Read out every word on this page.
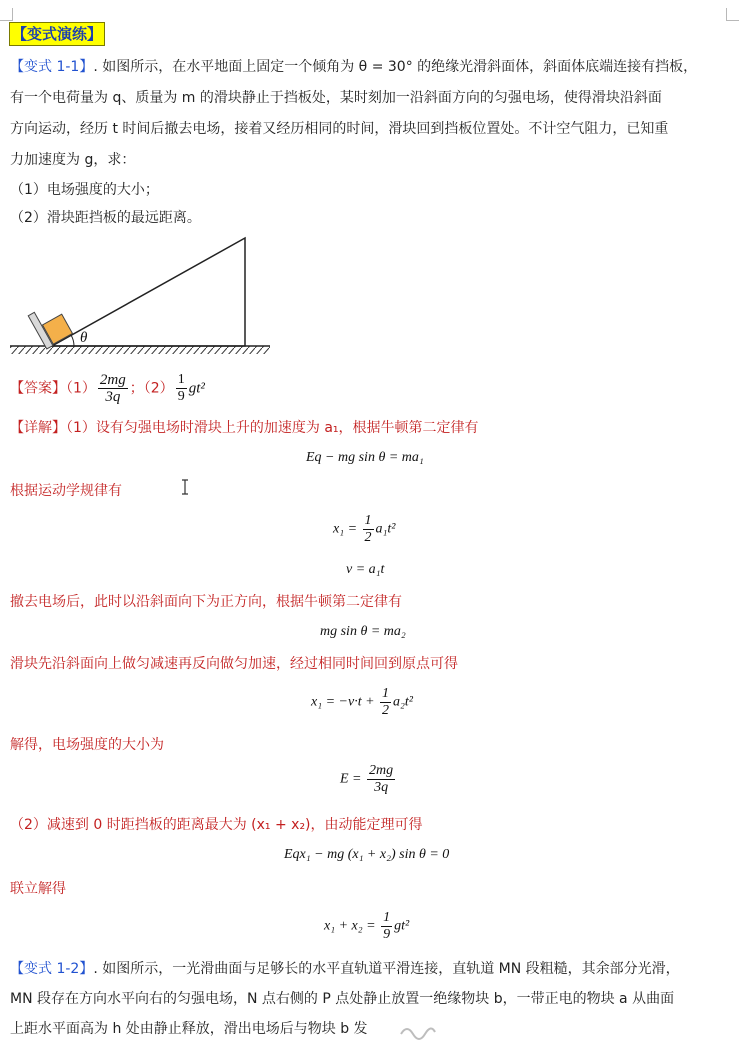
【变式演练】
【变式 1-1】. 如图所示，在水平地面上固定一个倾角为 θ = 30° 的绝缘光滑斜面体，斜面体底端连接有挡板，
有一个电荷量为 q、质量为 m 的滑块静止于挡板处，某时刻加一沿斜面方向的匀强电场，使得滑块沿斜面
方向运动，经历 t 时间后撤去电场，接着又经历相同的时间，滑块回到挡板位置处。不计空气阻力，已知重
力加速度为 g，求：
（1）电场强度的大小；
（2）滑块距挡板的最远距离。
θ
【答案】$(1) \frac{2mg}{3q}$ ；$(2) \frac{1}{9} gt^2$
【详解】（1）设有匀强电场时滑块上升的加速度为 a₁，根据牛顿第二定律有
Eq − mg sin θ = ma₁
根据运动学规律有
$x_1 = \frac{1}{2} a_1t^2$
v = a₁t
撤去电场后，此时以沿斜面向下为正方向，根据牛顿第二定律有
mg sin θ = ma₂
滑块先沿斜面向上做匀减速再反向做匀加速，经过相同时间回到原点可得
$x_1 = -v\cdot t + \frac{1}{2} a_2t^2$
解得，电场强度的大小为
$E = \frac{2mg}{3q}$
（2）减速到 0 时距挡板的距离最大为 (x₁ + x₂)，由动能定理可得
Eqx₁ − mg (x₁ + x₂) sin θ = 0
联立解得
$x_1 + x_2 = \frac{1}{9} gt^2$
【变式 1-2】. 如图所示，一光滑曲面与足够长的水平直轨道平滑连接，直轨道 MN 段粗糙，其余部分光滑，
MN 段存在方向水平向右的匀强电场，N 点右侧的 P 点处静止放置一绝缘物块 b，一带正电的物块 a 从曲面
上距水平面高为 h 处由静止释放，滑出电场后与物块 b 发
